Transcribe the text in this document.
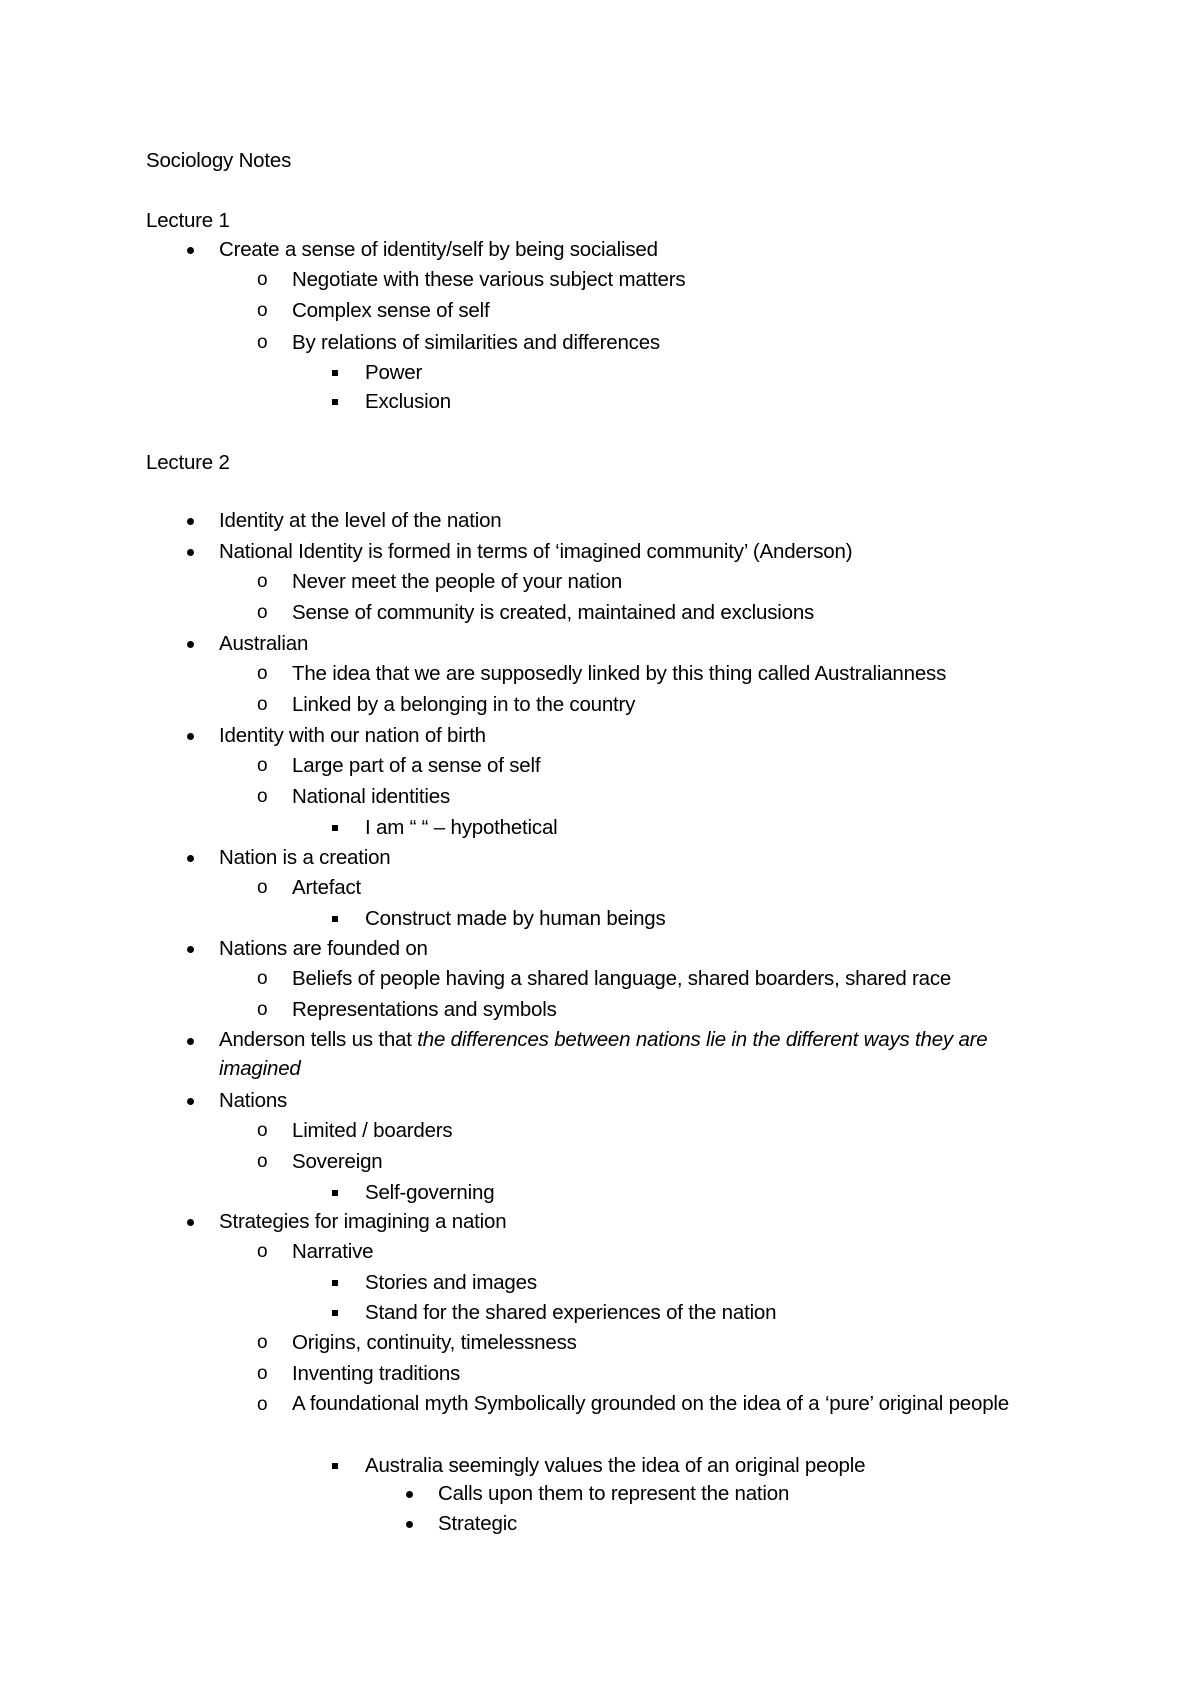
Sociology Notes
Lecture 1
Create a sense of identity/self by being socialised
o Negotiate with these various subject matters
o Complex sense of self
o By relations of similarities and differences
Power
Exclusion
Lecture 2
Identity at the level of the nation
National Identity is formed in terms of ‘imagined community’ (Anderson)
o Never meet the people of your nation
o Sense of community is created, maintained and exclusions
Australian
o The idea that we are supposedly linked by this thing called Australianness
o Linked by a belonging in to the country
Identity with our nation of birth
o Large part of a sense of self
o National identities
I am “ “ – hypothetical
Nation is a creation
o Artefact
Construct made by human beings
Nations are founded on
o Beliefs of people having a shared language, shared boarders, shared race
o Representations and symbols
Anderson tells us that the differences between nations lie in the different ways they are imagined
Nations
o Limited / boarders
o Sovereign
Self-governing
Strategies for imagining a nation
o Narrative
Stories and images
Stand for the shared experiences of the nation
o Origins, continuity, timelessness
o Inventing traditions
o A foundational myth Symbolically grounded on the idea of a ‘pure’ original people
Australia seemingly values the idea of an original people
Calls upon them to represent the nation
Strategic
